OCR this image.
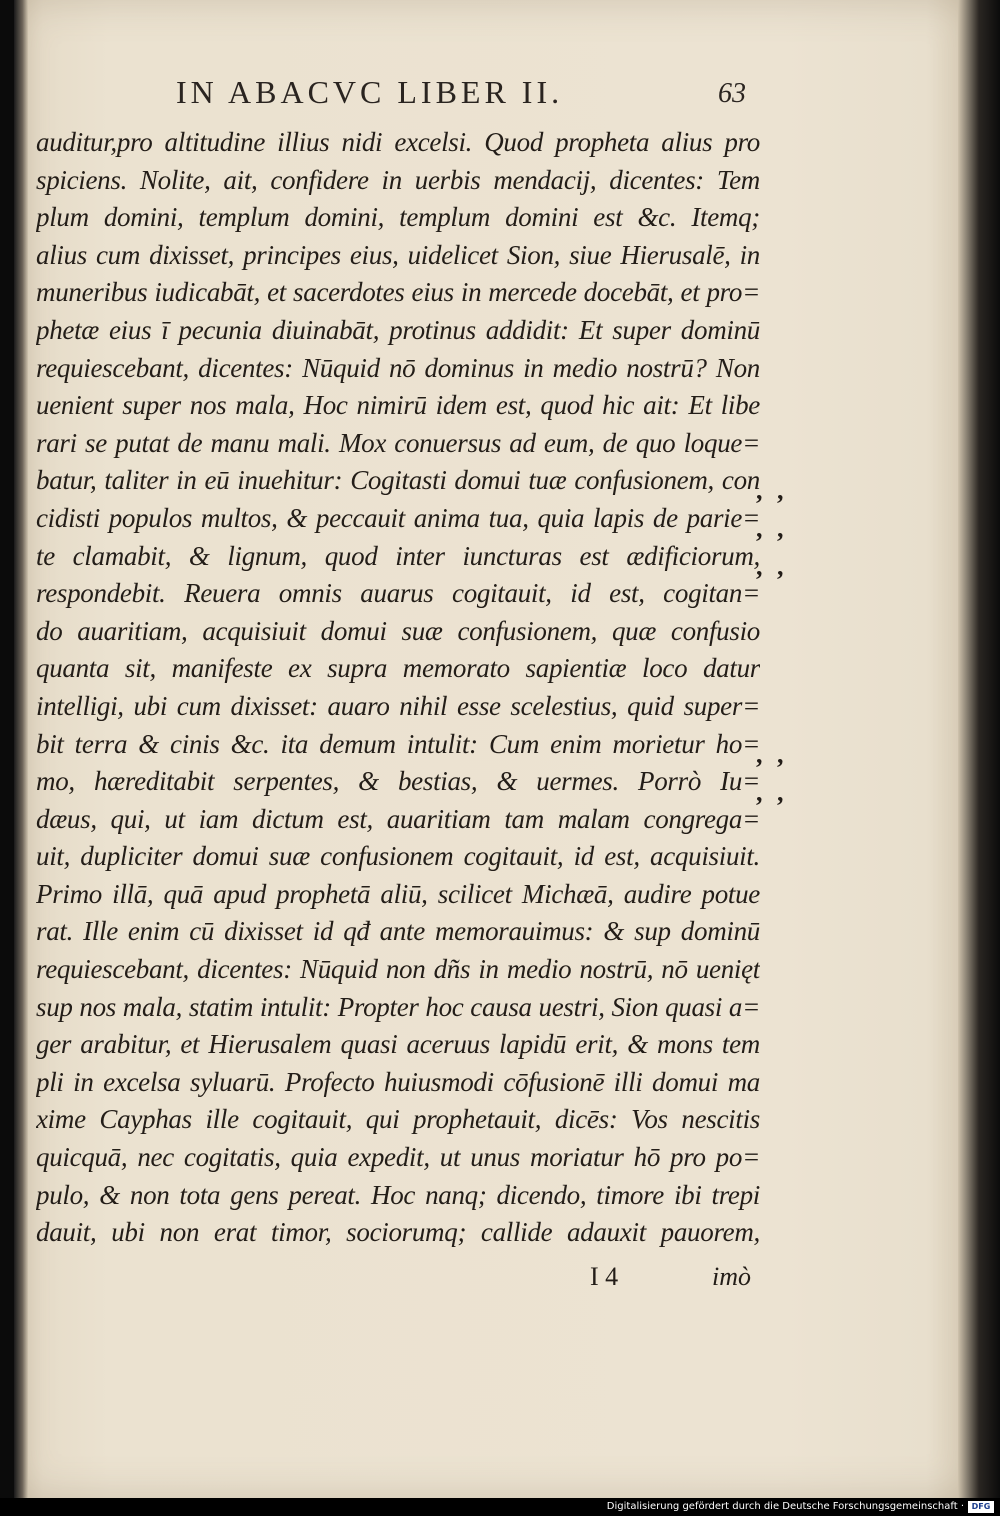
IN ABACVC LIBER II.	63
auditur,pro altitudine illius nidi excelsi. Quod propheta alius pro
spiciens. Nolite, ait, confidere in uerbis mendacij, dicentes: Tem
plum domini, templum domini, templum domini est &c. Itemq;
alius cum dixisset, principes eius, uidelicet Sion, siue Hierusalē, in
muneribus iudicabāt, et sacerdotes eius in mercede docebāt, et pro=
phetæ eius ī pecunia diuinabāt, protinus addidit: Et super dominū
requiescebant, dicentes: Nūquid nō dominus in medio nostrū? Non
uenient super nos mala, Hoc nimirū idem est, quod hic ait: Et libe
rari se putat de manu mali. Mox conuersus ad eum, de quo loque=
batur, taliter in eū inuehitur: Cogitasti domui tuæ confusionem, con
cidisti populos multos, & peccauit anima tua, quia lapis de parie=
te clamabit, & lignum, quod inter iuncturas est ædificiorum,
respondebit. Reuera omnis auarus cogitauit, id est, cogitan=
do auaritiam, acquisiuit domui suæ confusionem, quæ confusio
quanta sit, manifeste ex supra memorato sapientiæ loco datur
intelligi, ubi cum dixisset: auaro nihil esse scelestius, quid super=
bit terra & cinis &c. ita demum intulit: Cum enim morietur ho=
mo, hæreditabit serpentes, & bestias, & uermes. Porrò Iu=
dæus, qui, ut iam dictum est, auaritiam tam malam congrega=
uit, dupliciter domui suæ confusionem cogitauit, id est, acquisiuit.
Primo illā, quā apud prophetā aliū, scilicet Michæā, audire potue
rat. Ille enim cū dixisset id qđ ante memorauimus: & sup dominū
requiescebant, dicentes: Nūquid non dñs in medio nostrū, nō uenięt
sup nos mala, statim intulit: Propter hoc causa uestri, Sion quasi a=
ger arabitur, et Hierusalem quasi aceruus lapidū erit, & mons tem
pli in excelsa syluarū. Profecto huiusmodi cōfusionē illi domui ma
xime Cayphas ille cogitauit, qui prophetauit, dicēs: Vos nescitis
quicquā, nec cogitatis, quia expedit, ut unus moriatur hō pro po=
pulo, & non tota gens pereat. Hoc nanq; dicendo, timore ibi trepi
dauit, ubi non erat timor, sociorumq; callide adauxit pauorem,
, ,
, ,
, ,
, ,
, ,
I 4	imò
Digitalisierung gefördert durch die Deutsche Forschungsgemeinschaft · DFG
